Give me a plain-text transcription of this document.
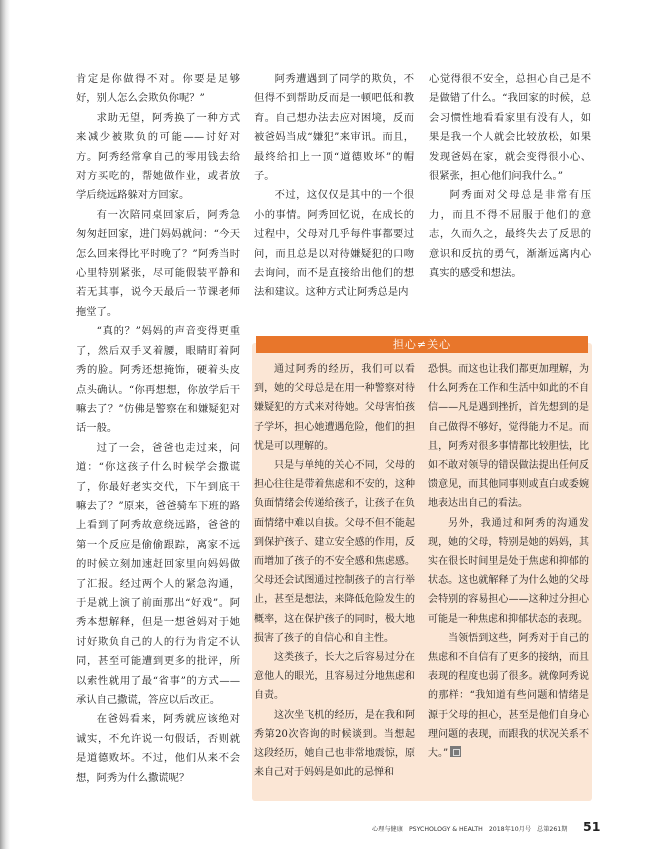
肯定是你做得不对。你要是足够好，别人怎么会欺负你呢？”

求助无望，阿秀换了一种方式来减少被欺负的可能——讨好对方。阿秀经常拿自己的零用钱去给对方买吃的，帮她做作业，或者放学后绕远路躲对方回家。

有一次陪同桌回家后，阿秀急匆匆赶回家，进门妈妈就问：“今天怎么回来得比平时晚了？”阿秀当时心里特别紧张，尽可能假装平静和若无其事，说今天最后一节课老师拖堂了。

“真的？”妈妈的声音变得更重了，然后双手叉着腰，眼睛盯着阿秀的脸。阿秀还想掩饰，硬着头皮点头确认。“你再想想，你放学后干嘛去了？”仿佛是警察在和嫌疑犯对话一般。

过了一会，爸爸也走过来，问道：“你这孩子什么时候学会撒谎了，你最好老实交代，下午到底干嘛去了？”原来，爸爸骑车下班的路上看到了阿秀故意绕远路，爸爸的第一个反应是偷偷跟踪，离家不远的时候立刻加速赶回家里向妈妈做了汇报。经过两个人的紧急沟通，于是就上演了前面那出“好戏”。阿秀本想解释，但是一想爸妈对于她讨好欺负自己的人的行为肯定不认同，甚至可能遭到更多的批评，所以索性就用了最“省事”的方式——承认自己撒谎，答应以后改正。

在爸妈看来，阿秀就应该绝对诚实，不允许说一句假话，否则就是道德败坏。不过，他们从来不会想，阿秀为什么撒谎呢？

阿秀遭遇到了同学的欺负，不但得不到帮助反而是一顿吧低和教育。自己想办法去应对困境，反而被爸妈当成“嫌犯”来审讯。而且，最终给扣上一顶“道德败坏”的帽子。

不过，这仅仅是其中的一个很小的事情。阿秀回忆说，在成长的过程中，父母对几乎每件事都要过问，而且总是以对待嫌疑犯的口吻去询问，而不是直接给出他们的想法和建议。这种方式让阿秀总是内

心觉得很不安全，总担心自己是不是做错了什么。“我回家的时候，总会习惯性地看看家里有没有人，如果是我一个人就会比较放松，如果发现爸妈在家，就会变得很小心、很紧张，担心他们问我什么。”

阿秀面对父母总是非常有压力，而且不得不屈服于他们的意志，久而久之，最终失去了反思的意识和反抗的勇气，渐渐远离内心真实的感受和想法。

担心≠关心

通过阿秀的经历，我们可以看到，她的父母总是在用一种警察对待嫌疑犯的方式来对待她。父母害怕孩子学坏，担心她遭遇危险，他们的担忧是可以理解的。

只是与单纯的关心不同，父母的担心往往是带着焦虑和不安的，这种负面情绪会传递给孩子，让孩子在负面情绪中难以自拔。父母不但不能起到保护孩子、建立安全感的作用，反而增加了孩子的不安全感和焦虑感。父母还会试图通过控制孩子的言行举止，甚至是想法，来降低危险发生的概率，这在保护孩子的同时，极大地损害了孩子的自信心和自主性。

这类孩子，长大之后容易过分在意他人的眼光，且容易过分地焦虑和自责。

这次坐飞机的经历，是在我和阿秀第20次咨询的时候谈到。当想起这段经历，她自己也非常地震惊，原来自己对于妈妈是如此的忌惮和

恐惧。而这也让我们都更加理解，为什么阿秀在工作和生活中如此的不自信——凡是遇到挫折，首先想到的是自己做得不够好，觉得能力不足。而且，阿秀对很多事情都比较胆怯，比如不敢对领导的错误做法提出任何反馈意见，而其他同事则或直白或委婉地表达出自己的看法。

另外，我通过和阿秀的沟通发现，她的父母，特别是她的妈妈，其实在很长时间里是处于焦虑和抑郁的状态。这也就解释了为什么她的父母会特别的容易担心——这种过分担心可能是一种焦虑和抑郁状态的表现。

当领悟到这些，阿秀对于自己的焦虑和不自信有了更多的接纳，而且表现的程度也弱了很多。就像阿秀说的那样：“我知道有些问题和情绪是源于父母的担心，甚至是他们自身心理问题的表现，而跟我的状况关系不大。”

心理与健康 PSYCHOLOGY & HEALTH 2018年10月号 总第261期	51
